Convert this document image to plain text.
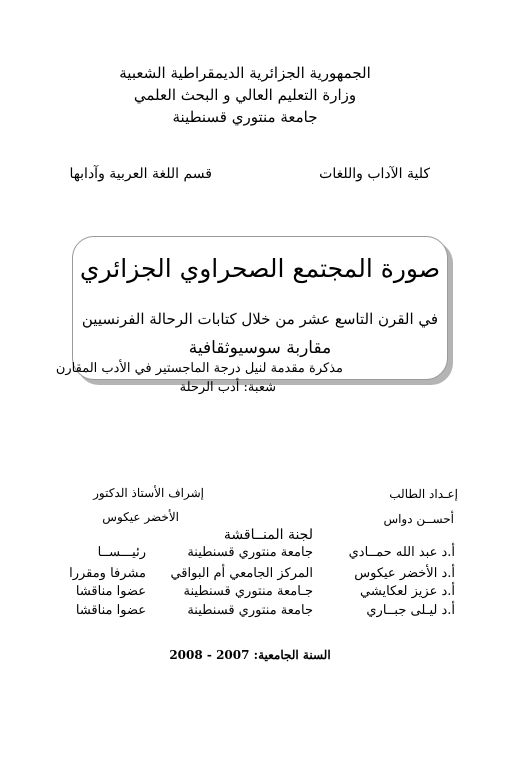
الجمهورية الجزائرية الديمقراطية الشعبية
وزارة التعليم العالي و البحث العلمي
جامعة منتوري قسنطينة
كلية الآداب واللغات
قسم اللغة العربية وآدابها
صورة المجتمع الصحراوي الجزائري
في القرن التاسع عشر من خلال كتابات الرحالة الفرنسيين
مقاربة سوسيوثقافية
مذكرة مقدمة لنيل درجة الماجستير في الأدب المقارن
شعبة: أدب الرحلة
إعـداد الطالب
أحســن دواس
إشراف الأستاذ الدكتور
الأخضر عيكوس
لجنة المنــاقشة
أ.د عبد الله حمــادي
جامعة منتوري قسنطينة
رئيـــســا
أ.د الأخضر عيكوس
المركز الجامعي أم البواقي
مشرفا ومقررا
أ.د عزيز لعكايشي
جـامعة منتوري قسنطينة
عضوا مناقشا
أ.د ليـلى جبــاري
جامعة منتوري قسنطينة
عضوا مناقشا
السنة الجامعية: 2007 - 2008
